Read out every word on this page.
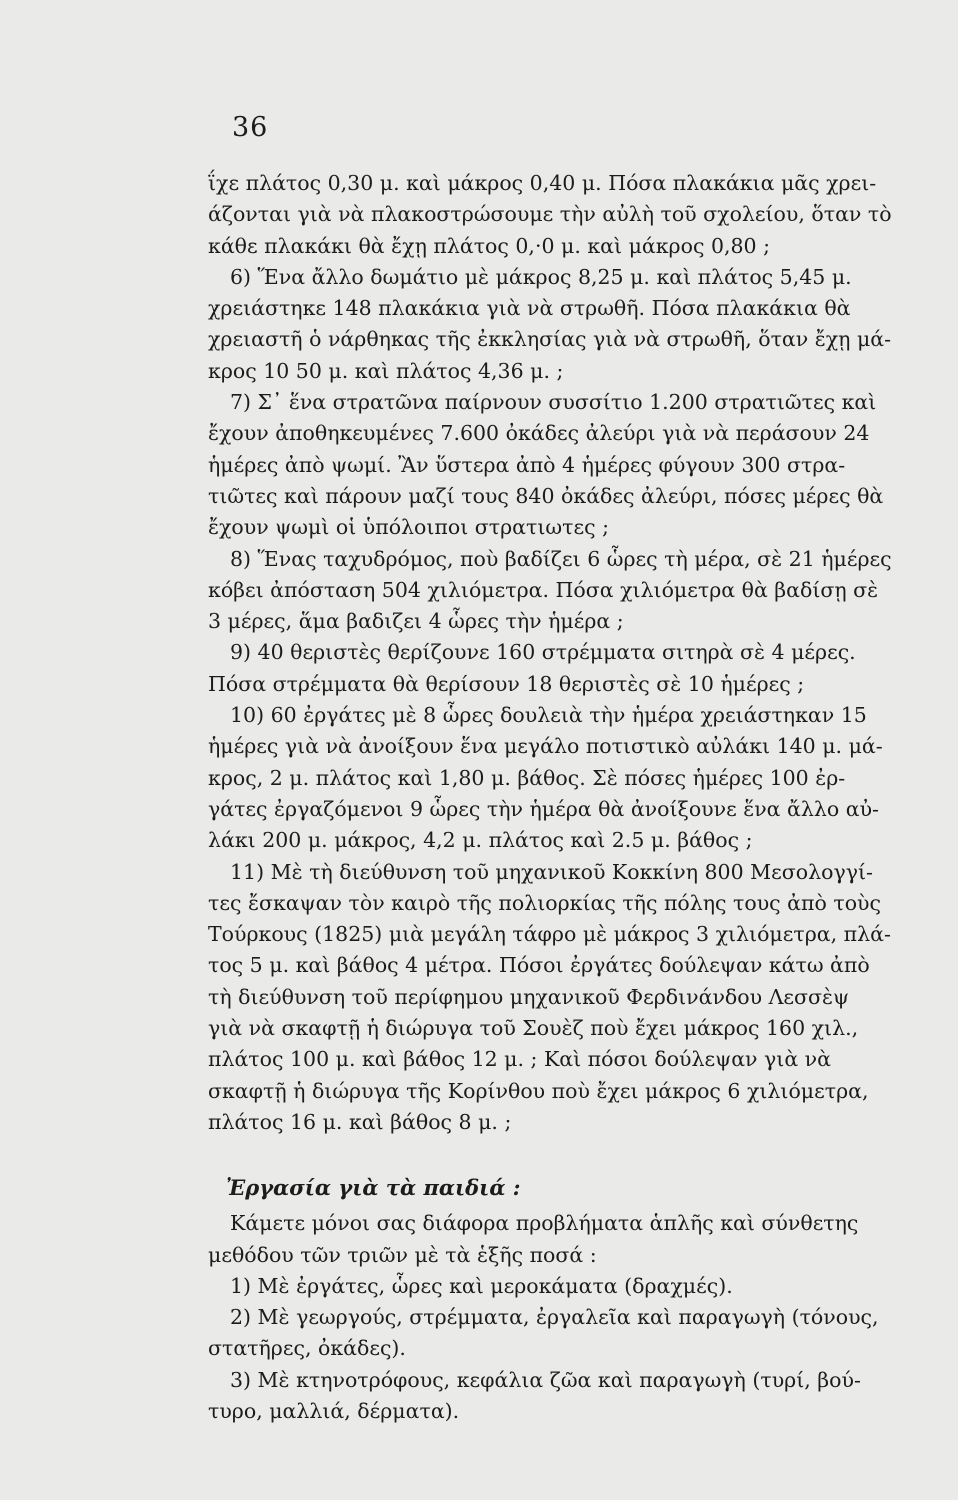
36
ΐχε πλάτος 0,30 μ. καὶ μάκρος 0,40 μ. Πόσα πλακάκια μᾶς χρει-
άζονται γιὰ νὰ πλακοστρώσουμε τὴν αὐλὴ τοῦ σχολείου, ὅταν τὸ
κάθε πλακάκι θὰ ἔχῃ πλάτος 0,·0 μ. καὶ μάκρος 0,80 ;
6) Ἕνα ἄλλο δωμάτιο μὲ μάκρος 8,25 μ. καὶ πλάτος 5,45 μ.
χρειάστηκε 148 πλακάκια γιὰ νὰ στρωθῆ. Πόσα πλακάκια θὰ
χρειαστῆ ὁ νάρθηκας τῆς ἐκκλησίας γιὰ νὰ στρωθῆ, ὅταν ἔχῃ μά-
κρος 10 50 μ. καὶ πλάτος 4,36 μ. ;
7) Σ᾽ ἕνα στρατῶνα παίρνουν συσσίτιο 1.200 στρατιῶτες καὶ
ἔχουν ἀποθηκευμένες 7.600 ὀκάδες ἀλεύρι γιὰ νὰ περάσουν 24
ἡμέρες ἀπὸ ψωμί. Ἂν ὕστερα ἀπὸ 4 ἡμέρες φύγουν 300 στρα-
τιῶτες καὶ πάρουν μαζί τους 840 ὀκάδες ἀλεύρι, πόσες μέρες θὰ
ἔχουν ψωμὶ οἱ ὑπόλοιποι στρατιωτες ;
8) Ἕνας ταχυδρόμος, ποὺ βαδίζει 6 ὧρες τὴ μέρα, σὲ 21 ἡμέρες
κόβει ἀπόσταση 504 χιλιόμετρα. Πόσα χιλιόμετρα θὰ βαδίσῃ σὲ
3 μέρες, ἅμα βαδιζει 4 ὧρες τὴν ἡμέρα ;
9) 40 θεριστὲς θερίζουνε 160 στρέμματα σιτηρὰ σὲ 4 μέρες.
Πόσα στρέμματα θὰ θερίσουν 18 θεριστὲς σὲ 10 ἡμέρες ;
10) 60 ἐργάτες μὲ 8 ὧρες δουλειὰ τὴν ἡμέρα χρειάστηκαν 15
ἡμέρες γιὰ νὰ ἀνοίξουν ἕνα μεγάλο ποτιστικὸ αὐλάκι 140 μ. μά-
κρος, 2 μ. πλάτος καὶ 1,80 μ. βάθος. Σὲ πόσες ἡμέρες 100 ἐρ-
γάτες ἐργαζόμενοι 9 ὧρες τὴν ἡμέρα θὰ ἀνοίξουνε ἕνα ἄλλο αὐ-
λάκι 200 μ. μάκρος, 4,2 μ. πλάτος καὶ 2.5 μ. βάθος ;
11) Μὲ τὴ διεύθυνση τοῦ μηχανικοῦ Κοκκίνη 800 Μεσολογγί-
τες ἔσκαψαν τὸν καιρὸ τῆς πολιορκίας τῆς πόλης τους ἀπὸ τοὺς
Τούρκους (1825) μιὰ μεγάλη τάφρο μὲ μάκρος 3 χιλιόμετρα, πλά-
τος 5 μ. καὶ βάθος 4 μέτρα. Πόσοι ἐργάτες δούλεψαν κάτω ἀπὸ
τὴ διεύθυνση τοῦ περίφημου μηχανικοῦ Φερδινάνδου Λεσσὲψ
γιὰ νὰ σκαφτῇ ἡ διώρυγα τοῦ Σουὲζ ποὺ ἔχει μάκρος 160 χιλ.,
πλάτος 100 μ. καὶ βάθος 12 μ. ; Καὶ πόσοι δούλεψαν γιὰ νὰ
σκαφτῇ ἡ διώρυγα τῆς Κορίνθου ποὺ ἔχει μάκρος 6 χιλιόμετρα,
πλάτος 16 μ. καὶ βάθος 8 μ. ;
Ἐργασία γιὰ τὰ παιδιά :
Κάμετε μόνοι σας διάφορα προβλήματα ἁπλῆς καὶ σύνθετης
μεθόδου τῶν τριῶν μὲ τὰ ἑξῆς ποσά :
1) Μὲ ἐργάτες, ὧρες καὶ μεροκάματα (δραχμές).
2) Μὲ γεωργούς, στρέμματα, ἐργαλεῖα καὶ παραγωγὴ (τόνους,
στατῆρες, ὀκάδες).
3) Μὲ κτηνοτρόφους, κεφάλια ζῶα καὶ παραγωγὴ (τυρί, βού-
τυρο, μαλλιά, δέρματα).
